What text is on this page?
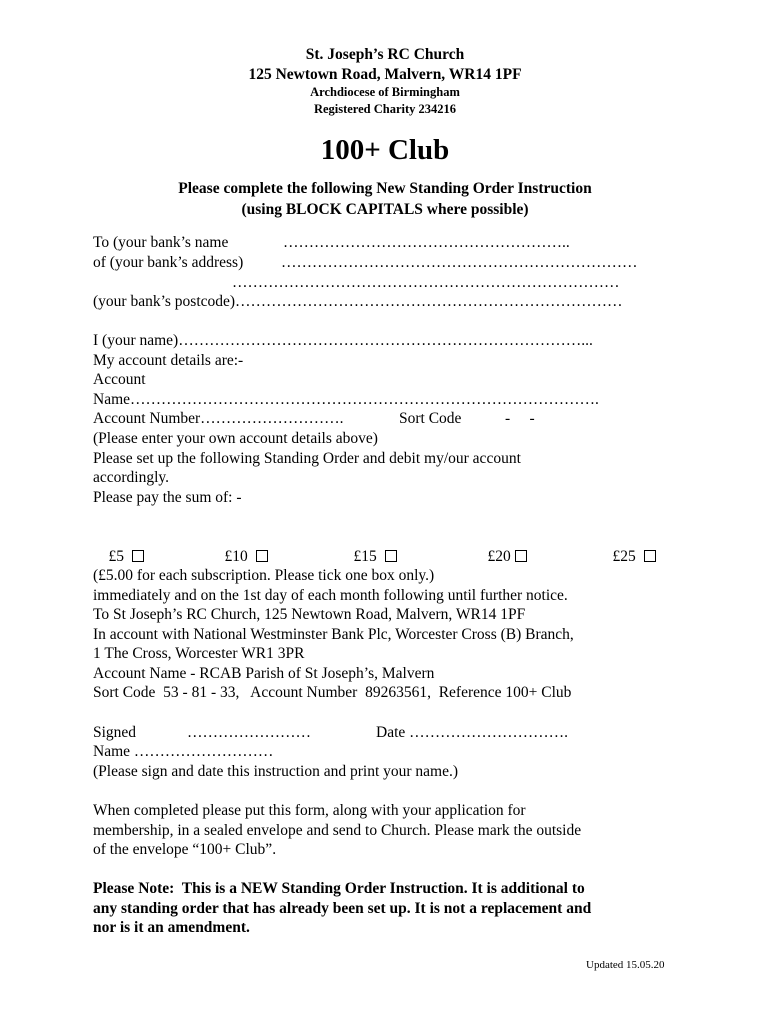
St. Joseph’s RC Church
125 Newtown Road, Malvern, WR14 1PF
Archdiocese of Birmingham
Registered Charity 234216
100+ Club
Please complete the following New Standing Order Instruction
(using BLOCK CAPITALS where possible)
To (your bank’s name	………………………………………………..
of (your bank’s address) ……………………………………………………………
…………………………………………………………………
(your bank’s postcode)…………………………………………………………………
I (your name)……………………………………………………………………...
My account details are:-
Account
Name……………………………………………………………………………….
Account Number……………………….	Sort Code	-     -
(Please enter your own account details above)
Please set up the following Standing Order and debit my/our account
accordingly.
Please pay the sum of: -

£5
	£10
	£15
	£20
	£25

(£5.00 for each subscription. Please tick one box only.)
immediately and on the 1st day of each month following until further notice.
To St Joseph’s RC Church, 125 Newtown Road, Malvern, WR14 1PF
In account with National Westminster Bank Plc, Worcester Cross (B) Branch,
1 The Cross, Worcester WR1 3PR
Account Name - RCAB Parish of St Joseph’s, Malvern
Sort Code  53 - 81 - 33,   Account Number  89263561,  Reference 100+ Club
Signed	……………………	Date ………………………….
Name ………………………
(Please sign and date this instruction and print your name.)
When completed please put this form, along with your application for
membership, in a sealed envelope and send to Church. Please mark the outside
of the envelope “100+ Club”.
Please Note:  This is a NEW Standing Order Instruction. It is additional to
any standing order that has already been set up. It is not a replacement and
nor is it an amendment.
Updated 15.05.20
